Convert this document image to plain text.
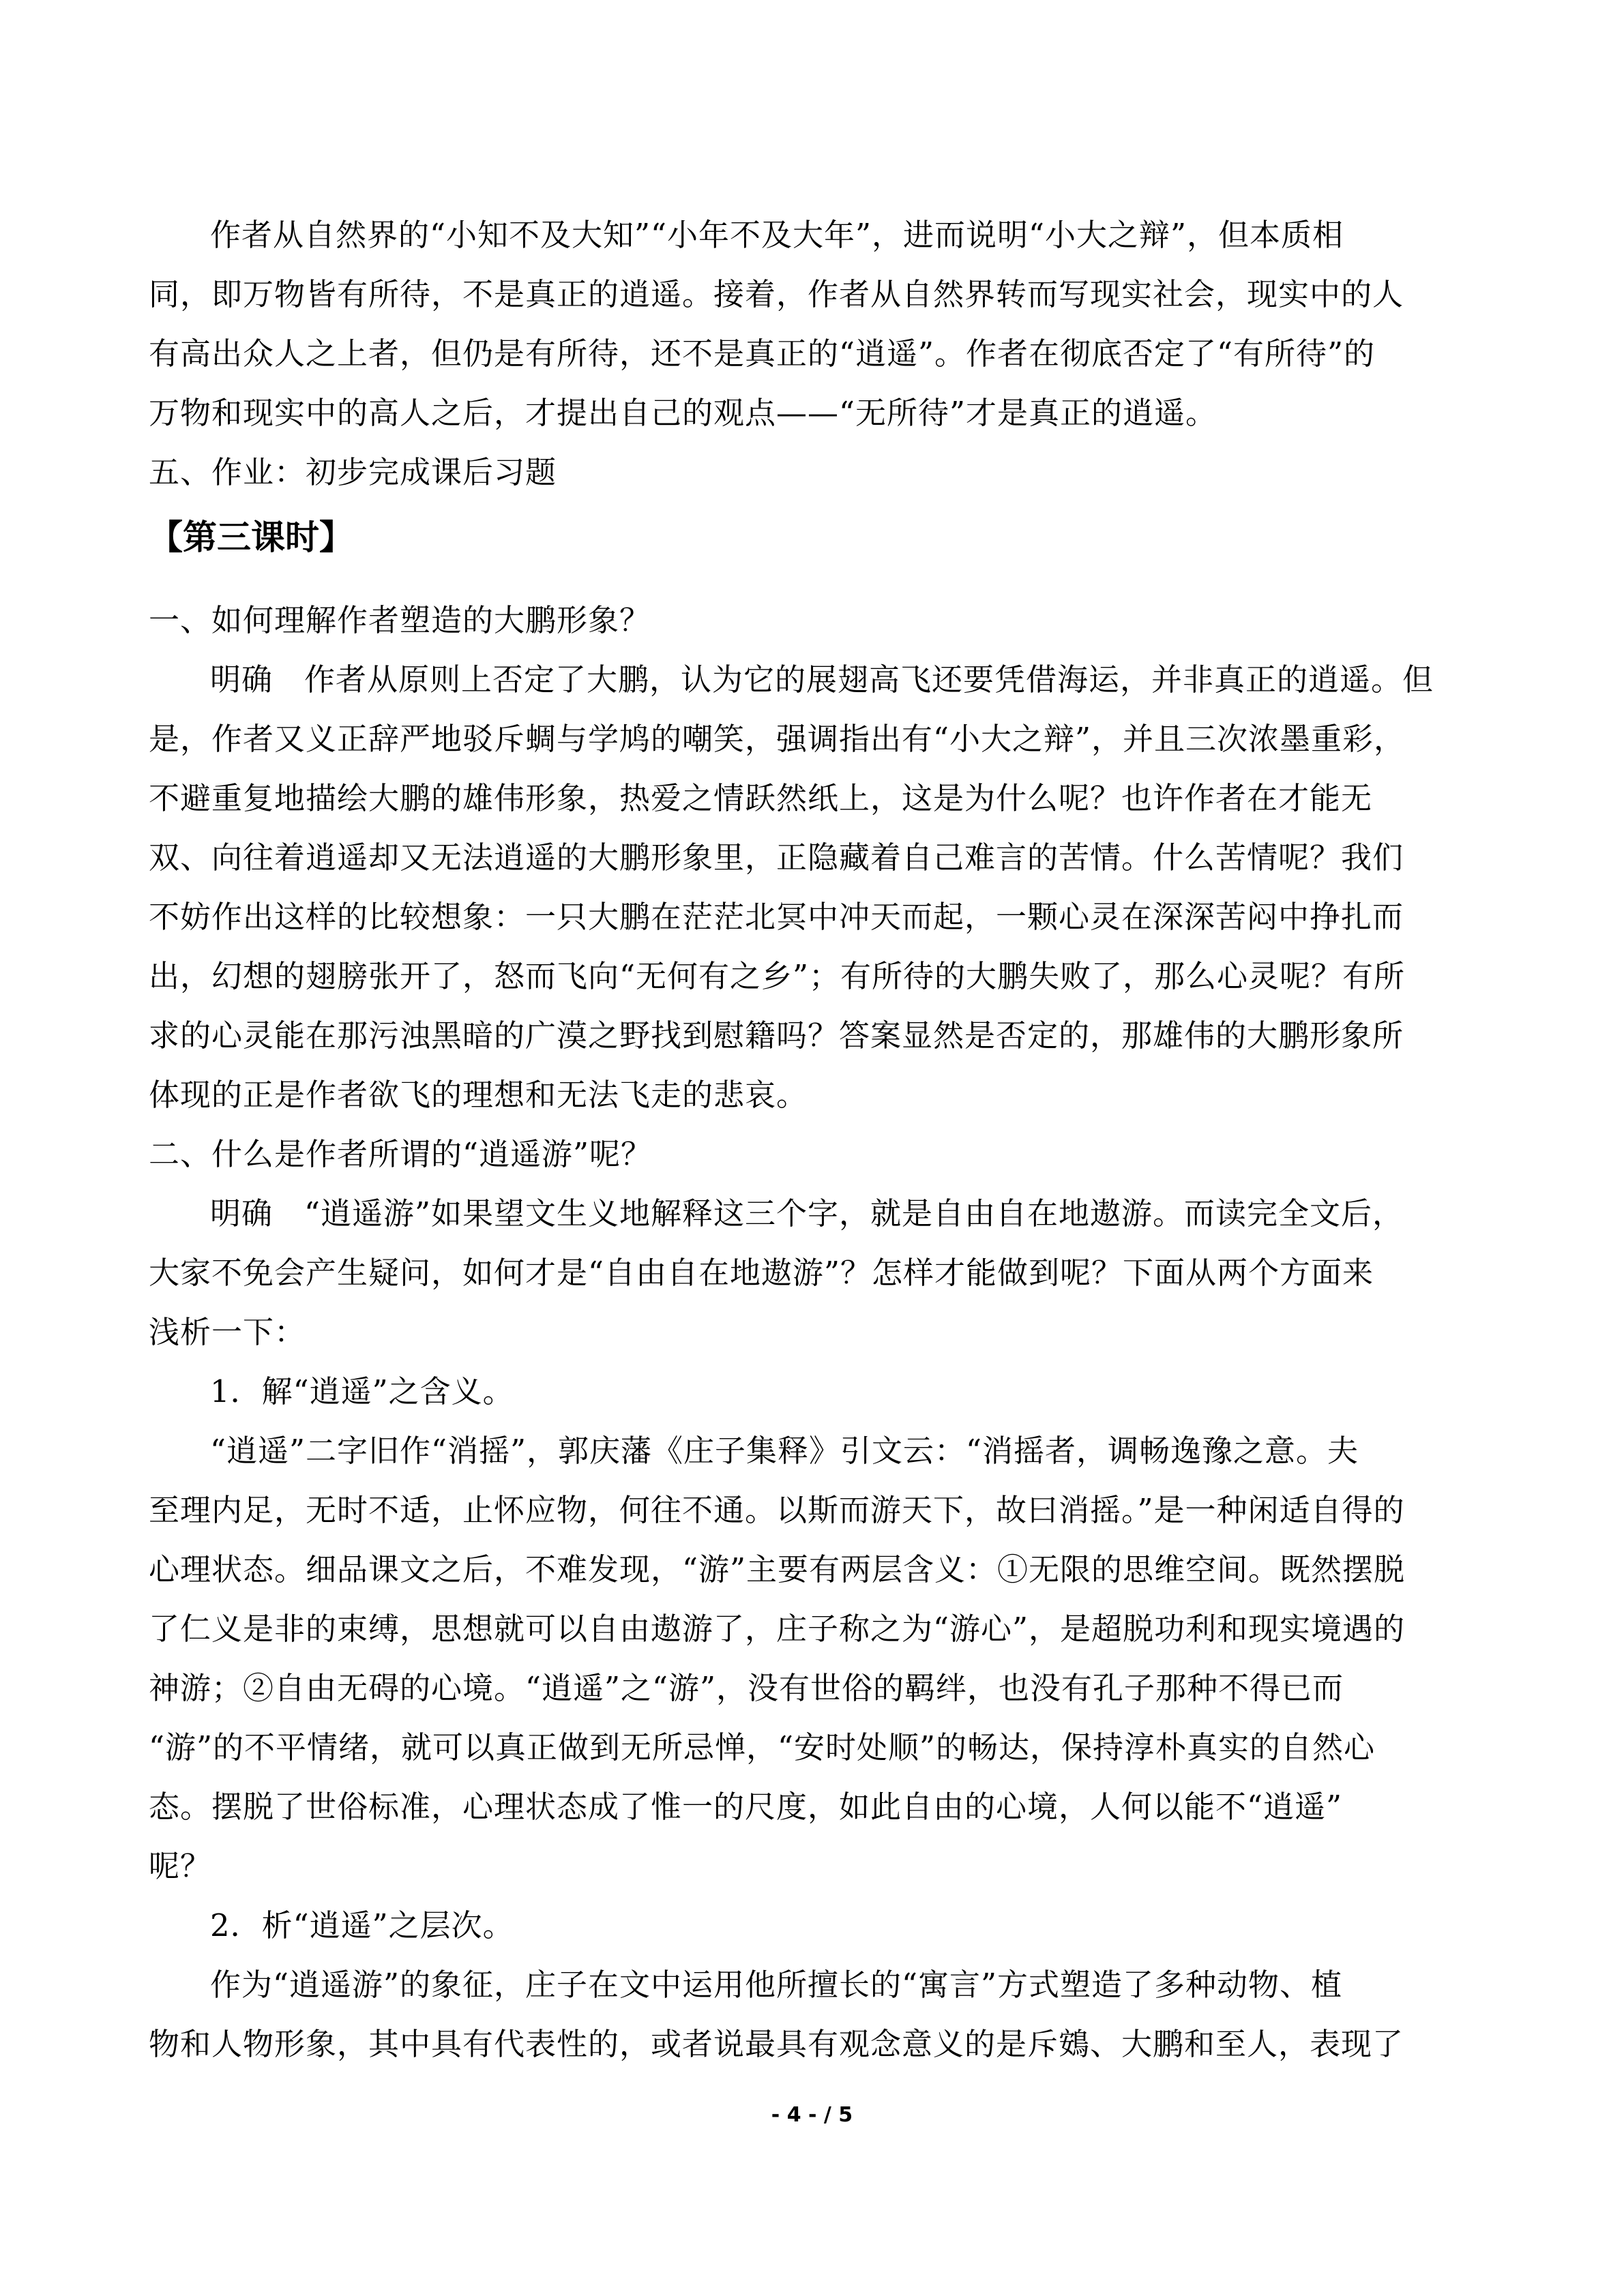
作者从自然界的“小知不及大知”“小年不及大年”，进而说明“小大之辩”，但本质相
同，即万物皆有所待，不是真正的逍遥。接着，作者从自然界转而写现实社会，现实中的人
有高出众人之上者，但仍是有所待，还不是真正的“逍遥”。作者在彻底否定了“有所待”的
万物和现实中的高人之后，才提出自己的观点——“无所待”才是真正的逍遥。
五、作业：初步完成课后习题
【第三课时】
一、如何理解作者塑造的大鹏形象？
明确　作者从原则上否定了大鹏，认为它的展翅高飞还要凭借海运，并非真正的逍遥。但
是，作者又义正辞严地驳斥蜩与学鸠的嘲笑，强调指出有“小大之辩”，并且三次浓墨重彩，
不避重复地描绘大鹏的雄伟形象，热爱之情跃然纸上，这是为什么呢？也许作者在才能无
双、向往着逍遥却又无法逍遥的大鹏形象里，正隐藏着自己难言的苦情。什么苦情呢？我们
不妨作出这样的比较想象：一只大鹏在茫茫北冥中冲天而起，一颗心灵在深深苦闷中挣扎而
出，幻想的翅膀张开了，怒而飞向“无何有之乡”；有所待的大鹏失败了，那么心灵呢？有所
求的心灵能在那污浊黑暗的广漠之野找到慰籍吗？答案显然是否定的，那雄伟的大鹏形象所
体现的正是作者欲飞的理想和无法飞走的悲哀。
二、什么是作者所谓的“逍遥游”呢？
明确　“逍遥游”如果望文生义地解释这三个字，就是自由自在地遨游。而读完全文后，
大家不免会产生疑问，如何才是“自由自在地遨游”？怎样才能做到呢？下面从两个方面来
浅析一下：
1．解“逍遥”之含义。
“逍遥”二字旧作“消摇”，郭庆藩《庄子集释》引文云：“消摇者，调畅逸豫之意。夫
至理内足，无时不适，止怀应物，何往不通。以斯而游天下，故曰消摇。”是一种闲适自得的
心理状态。细品课文之后，不难发现，“游”主要有两层含义：①无限的思维空间。既然摆脱
了仁义是非的束缚，思想就可以自由遨游了，庄子称之为“游心”，是超脱功利和现实境遇的
神游；②自由无碍的心境。“逍遥”之“游”，没有世俗的羁绊，也没有孔子那种不得已而
“游”的不平情绪，就可以真正做到无所忌惮，“安时处顺”的畅达，保持淳朴真实的自然心
态。摆脱了世俗标准，心理状态成了惟一的尺度，如此自由的心境，人何以能不“逍遥”
呢？
2．析“逍遥”之层次。
作为“逍遥游”的象征，庄子在文中运用他所擅长的“寓言”方式塑造了多种动物、植
物和人物形象，其中具有代表性的，或者说最具有观念意义的是斥鴳、大鹏和至人，表现了
- 4 - / 5
